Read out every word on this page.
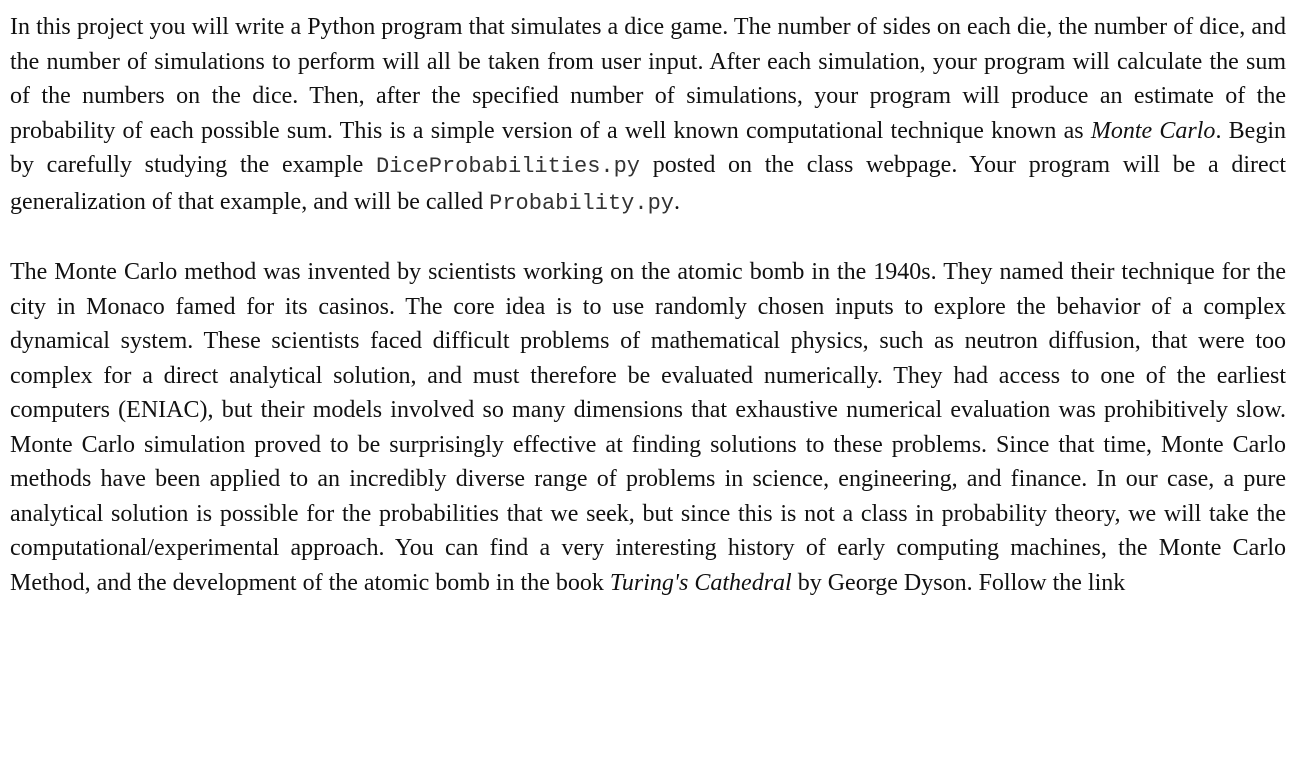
In this project you will write a Python program that simulates a dice game. The number of sides on each die, the number of dice, and the number of simulations to perform will all be taken from user input. After each simulation, your program will calculate the sum of the numbers on the dice. Then, after the specified number of simulations, your program will produce an estimate of the probability of each possible sum. This is a simple version of a well known computational technique known as Monte Carlo. Begin by carefully studying the example DiceProbabilities.py posted on the class webpage. Your program will be a direct generalization of that example, and will be called Probability.py.

The Monte Carlo method was invented by scientists working on the atomic bomb in the 1940s. They named their technique for the city in Monaco famed for its casinos. The core idea is to use randomly chosen inputs to explore the behavior of a complex dynamical system. These scientists faced difficult problems of mathematical physics, such as neutron diffusion, that were too complex for a direct analytical solution, and must therefore be evaluated numerically. They had access to one of the earliest computers (ENIAC), but their models involved so many dimensions that exhaustive numerical evaluation was prohibitively slow. Monte Carlo simulation proved to be surprisingly effective at finding solutions to these problems. Since that time, Monte Carlo methods have been applied to an incredibly diverse range of problems in science, engineering, and finance. In our case, a pure analytical solution is possible for the probabilities that we seek, but since this is not a class in probability theory, we will take the computational/experimental approach. You can find a very interesting history of early computing machines, the Monte Carlo Method, and the development of the atomic bomb in the book Turing's Cathedral by George Dyson. Follow the link
